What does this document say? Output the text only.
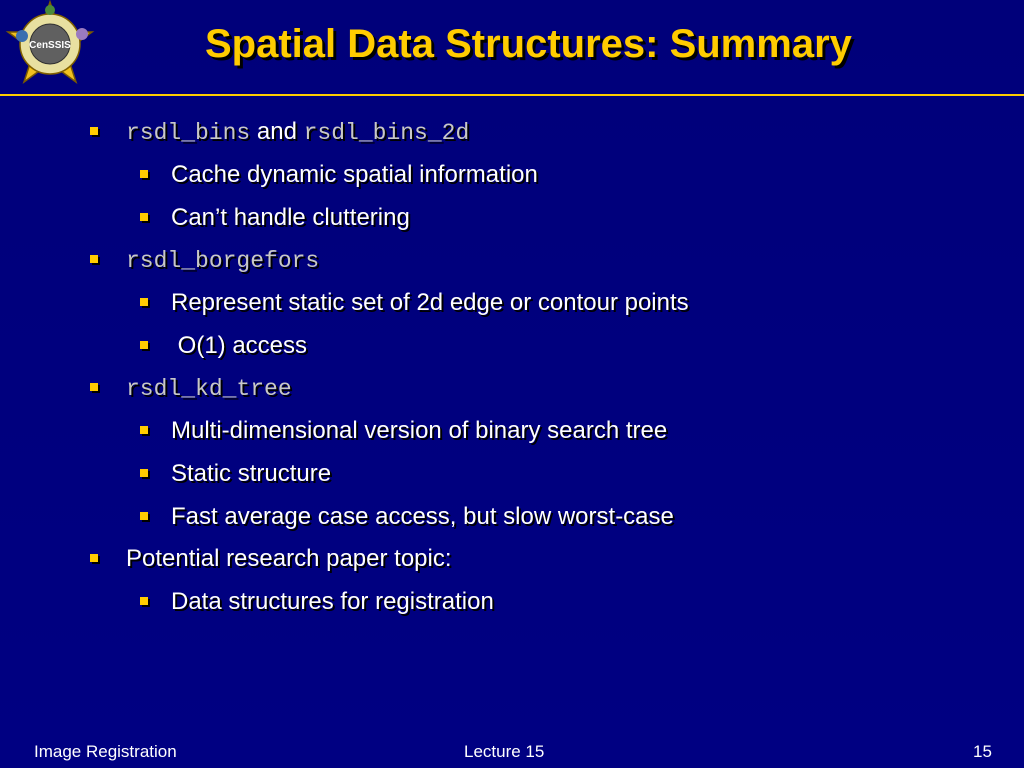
CenSSIS	Spatial Data Structures: Summary
rsdl_bins and rsdl_bins_2d
Cache dynamic spatial information
Can’t handle cluttering
rsdl_borgefors
Represent static set of 2d edge or contour points
O(1) access
rsdl_kd_tree
Multi-dimensional version of binary search tree
Static structure
Fast average case access, but slow worst-case
Potential research paper topic:
Data structures for registration
Image Registration	Lecture 15	15
